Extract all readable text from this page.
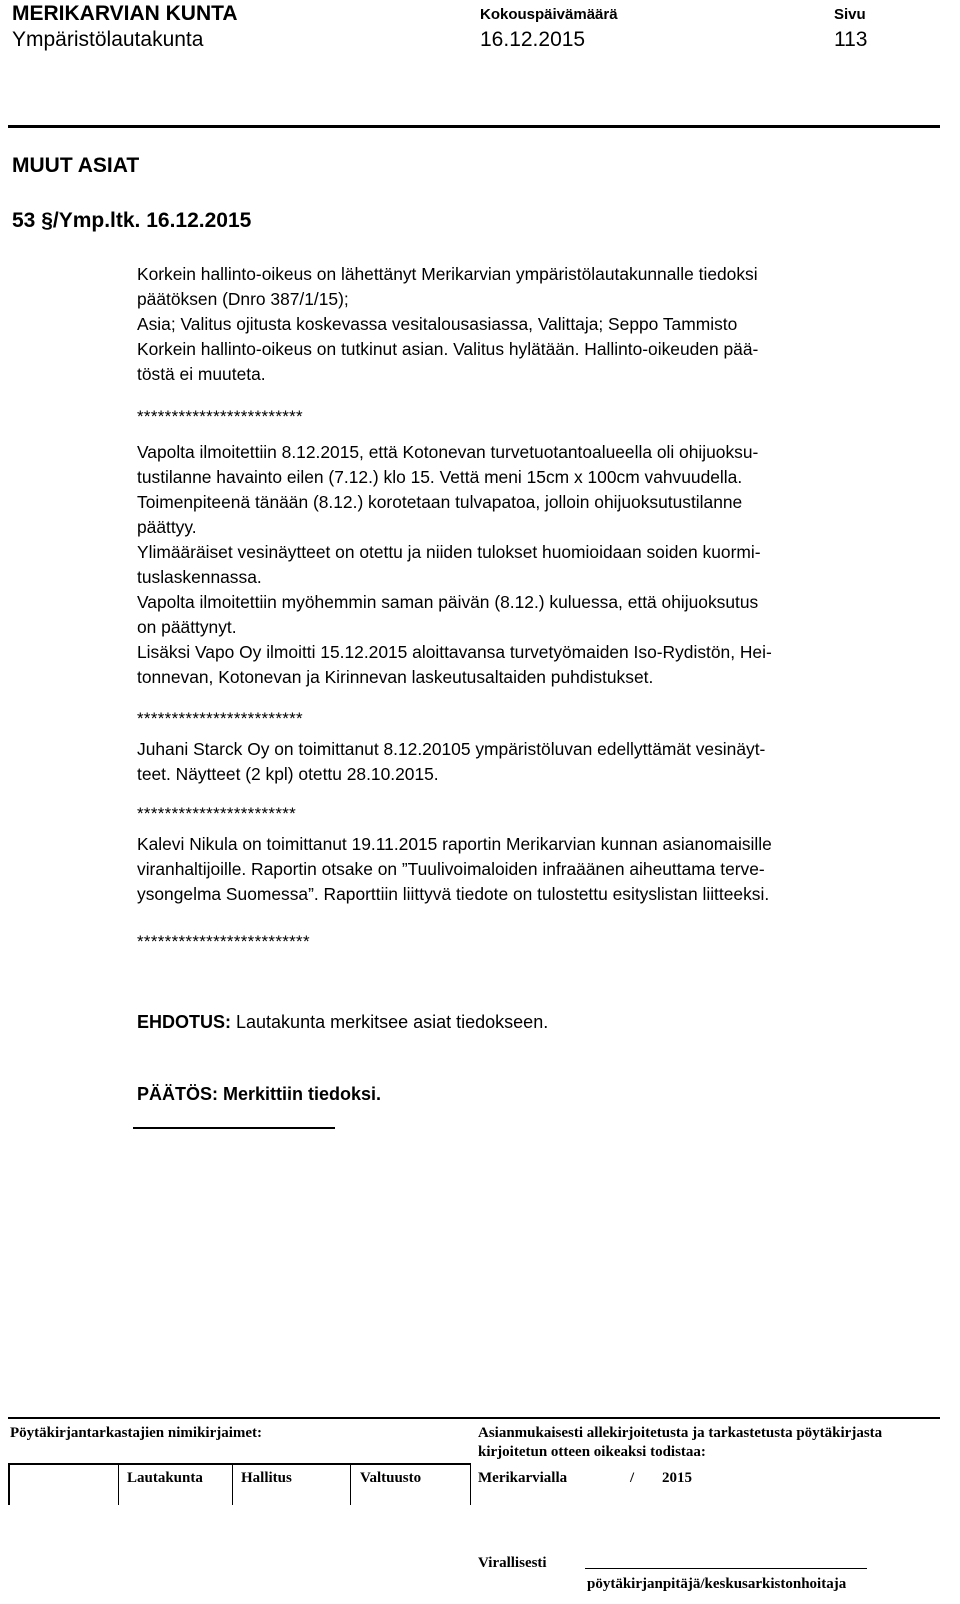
MERIKARVIAN KUNTA	Kokouspäivämäärä	Sivu
Ympäristölautakunta	16.12.2015	113
MUUT ASIAT
53 §/Ymp.ltk. 16.12.2015

Korkein hallinto-oikeus on lähettänyt Merikarvian ympäristölautakunnalle tiedoksi

päätöksen (Dnro 387/1/15);

Asia; Valitus ojitusta koskevassa vesitalousasiassa, Valittaja; Seppo Tammisto

Korkein hallinto-oikeus on tutkinut asian. Valitus hylätään. Hallinto-oikeuden pää-

töstä ei muuteta.

************************

Vapolta ilmoitettiin 8.12.2015, että Kotonevan turvetuotantoalueella oli ohijuoksu-

tustilanne havainto eilen (7.12.) klo 15. Vettä meni 15cm x 100cm vahvuudella.

Toimenpiteenä tänään (8.12.) korotetaan tulvapatoa, jolloin ohijuoksutustilanne

päättyy.

Ylimääräiset vesinäytteet on otettu ja niiden tulokset huomioidaan soiden kuormi-

tuslaskennassa.

Vapolta ilmoitettiin myöhemmin saman päivän (8.12.) kuluessa, että ohijuoksutus

on päättynyt.

Lisäksi Vapo Oy ilmoitti 15.12.2015 aloittavansa turvetyömaiden Iso-Rydistön, Hei-

tonnevan, Kotonevan ja Kirinnevan laskeutusaltaiden puhdistukset.

************************

Juhani Starck Oy on toimittanut 8.12.20105 ympäristöluvan edellyttämät vesinäyt-

teet. Näytteet (2 kpl) otettu 28.10.2015.

***********************

Kalevi Nikula on toimittanut 19.11.2015 raportin Merikarvian kunnan asianomaisille

viranhaltijoille. Raportin otsake on ”Tuulivoimaloiden infraäänen aiheuttama terve-

ysongelma Suomessa”. Raporttiin liittyvä tiedote on tulostettu esityslistan liitteeksi.

*************************
EHDOTUS: Lautakunta merkitsee asiat tiedokseen.
PÄÄTÖS: Merkittiin tiedoksi.
Pöytäkirjantarkastajien nimikirjaimet:	Asianmukaisesti allekirjoitetusta ja tarkastetusta pöytäkirjasta
kirjoitetun otteen oikeaksi todistaa:
Lautakunta	Hallitus	Valtuusto	Merikarvialla	/ 2015
Virallisesti
pöytäkirjanpitäjä/keskusarkistonhoitaja
